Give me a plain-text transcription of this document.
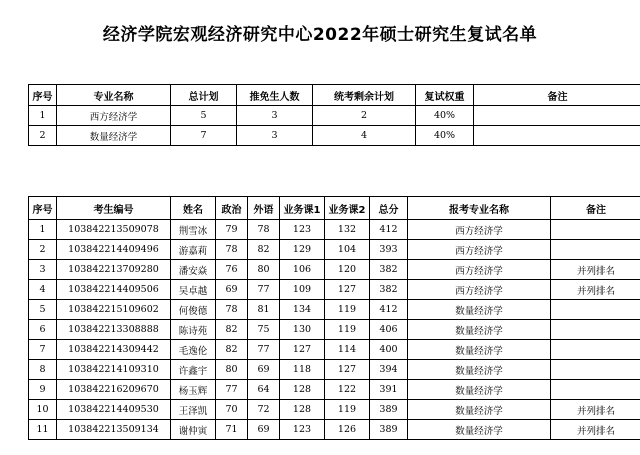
经济学院宏观经济研究中心2022年硕士研究生复试名单
序号	专业名称	总计划	推免生人数	统考剩余计划	复试权重	备注
1	西方经济学	5	3	2	40%	
2	数量经济学	7	3	4	40%	
序号	考生编号	姓名	政治	外语	业务课1	业务课2	总分	报考专业名称	备注
1	103842213509078	荆雪冰	79	78	123	132	412	西方经济学	
2	103842214409496	游嘉莉	78	82	129	104	393	西方经济学	
3	103842213709280	潘安焱	76	80	106	120	382	西方经济学	并列排名
4	103842214409506	吴卓越	69	77	109	127	382	西方经济学	并列排名
5	103842215109602	何俊德	78	81	134	119	412	数量经济学	
6	103842213308888	陈诗苑	82	75	130	119	406	数量经济学	
7	103842214309442	毛逸伦	82	77	127	114	400	数量经济学	
8	103842214109310	许鑫宇	80	69	118	127	394	数量经济学	
9	103842216209670	杨玉辉	77	64	128	122	391	数量经济学	
10	103842214409530	王泽凯	70	72	128	119	389	数量经济学	并列排名
11	103842213509134	谢仲寅	71	69	123	126	389	数量经济学	并列排名
